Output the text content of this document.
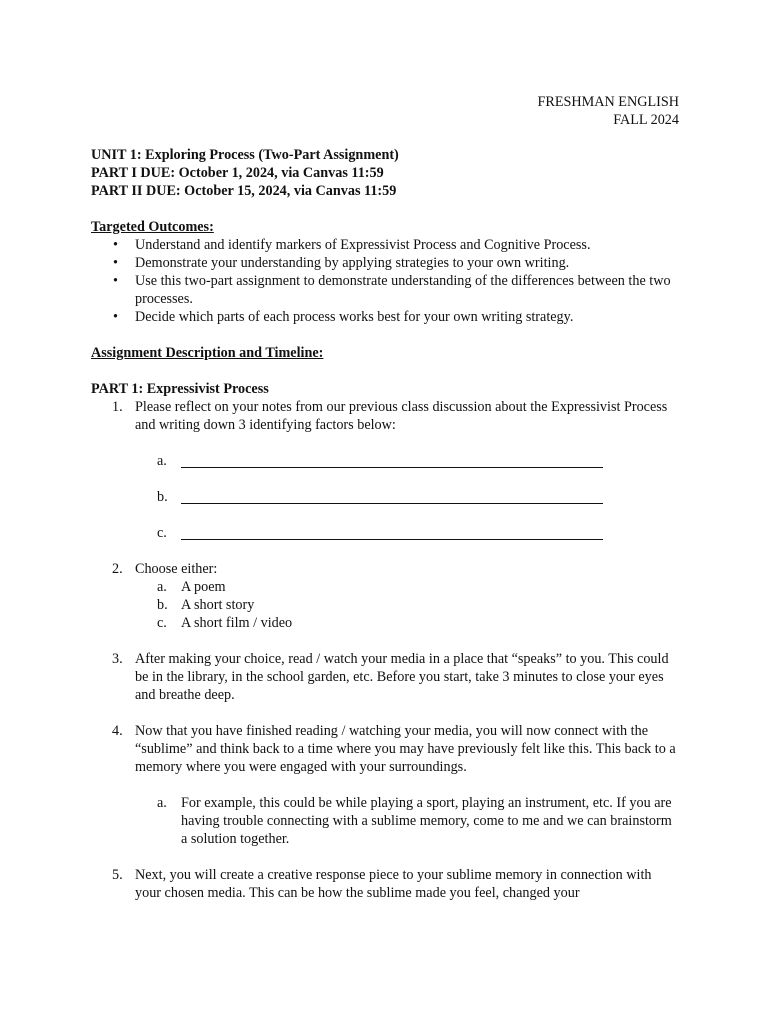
FRESHMAN ENGLISH
FALL 2024
UNIT 1: Exploring Process (Two-Part Assignment)
PART I DUE: October 1, 2024, via Canvas 11:59
PART II DUE: October 15, 2024, via Canvas 11:59
Targeted Outcomes:
• Understand and identify markers of Expressivist Process and Cognitive Process.
• Demonstrate your understanding by applying strategies to your own writing.
• Use this two-part assignment to demonstrate understanding of the differences between the two processes.
• Decide which parts of each process works best for your own writing strategy.
Assignment Description and Timeline:
PART 1: Expressivist Process
1. Please reflect on your notes from our previous class discussion about the Expressivist Process and writing down 3 identifying factors below:
a.
b.
c.
2. Choose either:
a. A poem
b. A short story
c. A short film / video
3. After making your choice, read / watch your media in a place that “speaks” to you. This could be in the library, in the school garden, etc. Before you start, take 3 minutes to close your eyes and breathe deep.
4. Now that you have finished reading / watching your media, you will now connect with the “sublime” and think back to a time where you may have previously felt like this. This back to a memory where you were engaged with your surroundings.
a. For example, this could be while playing a sport, playing an instrument, etc. If you are having trouble connecting with a sublime memory, come to me and we can brainstorm a solution together.
5. Next, you will create a creative response piece to your sublime memory in connection with your chosen media. This can be how the sublime made you feel, changed your
